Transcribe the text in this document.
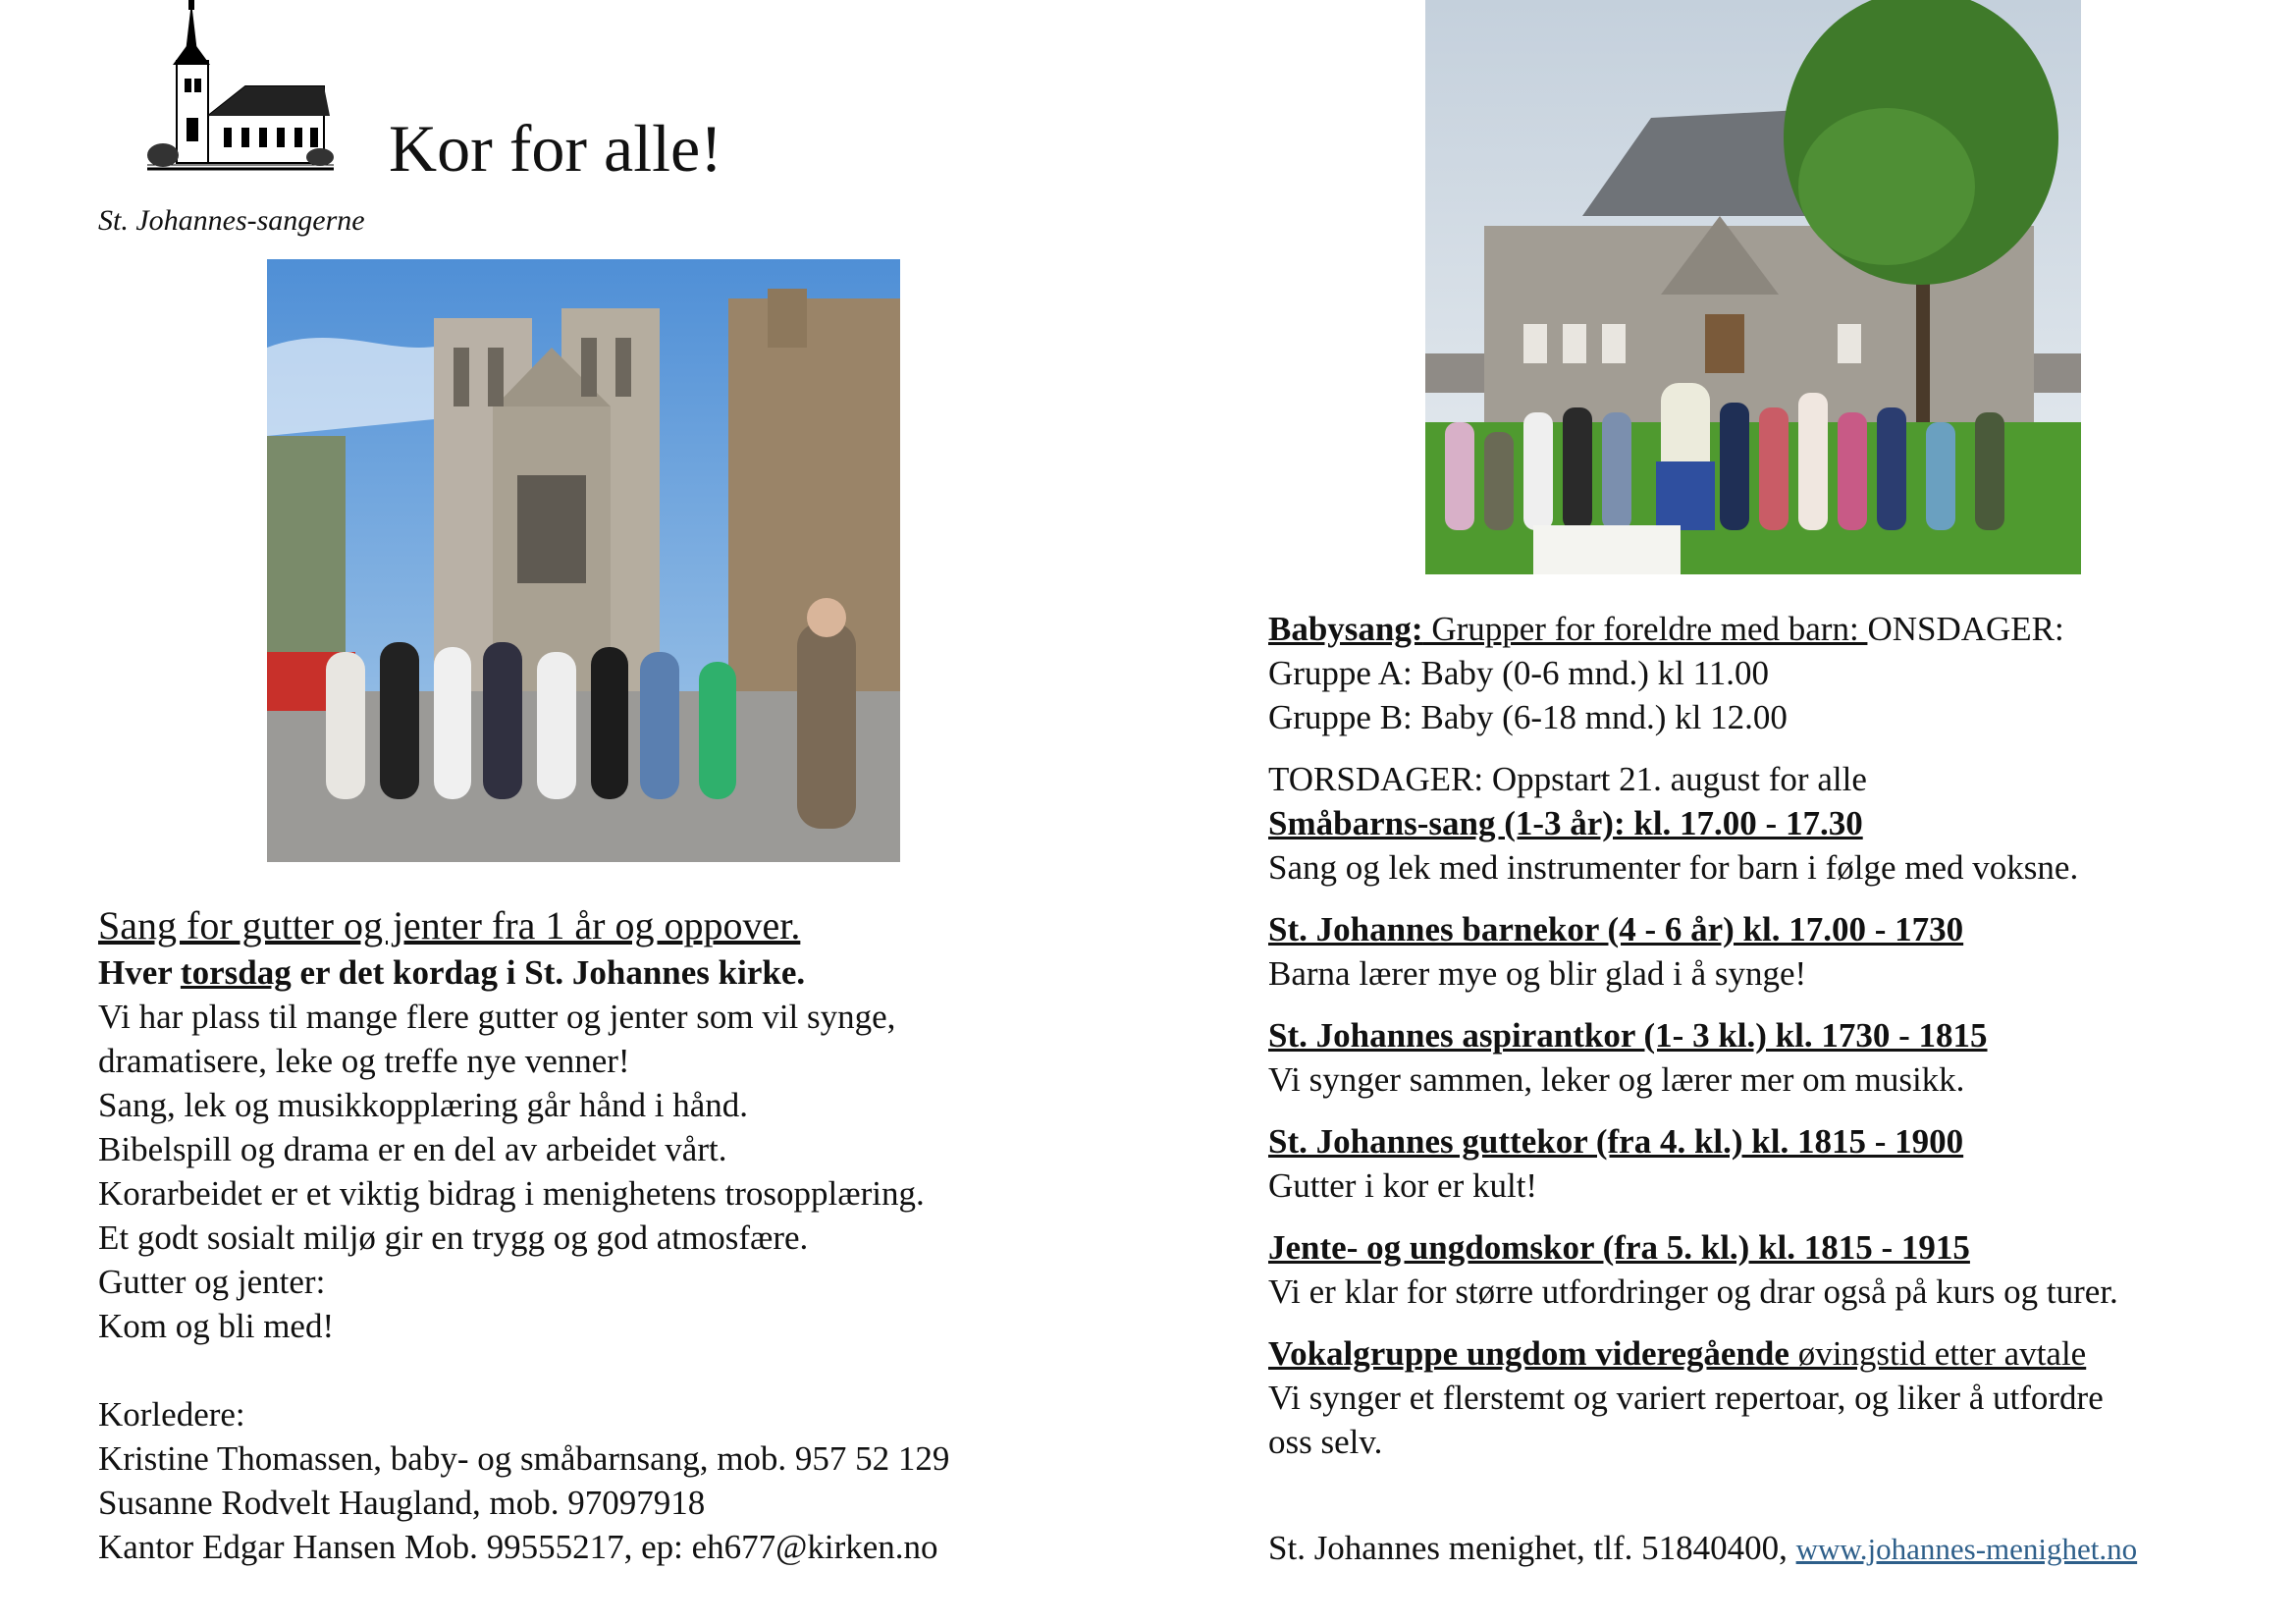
St. Johannes-sangerne
Kor for alle!

Sang for gutter og jenter fra 1 år og oppover.

Hver torsdag er det kordag i St. Johannes kirke.

Vi har plass til mange flere gutter og jenter som vil synge,

dramatisere, leke og treffe nye venner!

Sang, lek og musikkopplæring går hånd i hånd.

Bibelspill og drama er en del av arbeidet vårt.

Korarbeidet er et viktig bidrag i menighetens trosopplæring.

Et godt sosialt miljø gir en trygg og god atmosfære.

Gutter og jenter:

Kom og bli med!

Korledere:

Kristine Thomassen, baby- og småbarnsang, mob. 957 52 129

Susanne Rodvelt Haugland, mob. 97097918

Kantor Edgar Hansen Mob. 99555217, ep: eh677@kirken.no

Babysang: Grupper for foreldre med barn: ONSDAGER:

Gruppe A: Baby (0-6 mnd.) kl 11.00

Gruppe B: Baby (6-18 mnd.) kl 12.00

TORSDAGER: Oppstart 21. august for alle

Småbarns-sang (1-3 år): kl. 17.00 - 17.30

Sang og lek med instrumenter for barn i følge med voksne.

St. Johannes barnekor (4 - 6 år) kl. 17.00 - 1730

Barna lærer mye og blir glad i å synge!

St. Johannes aspirantkor (1- 3 kl.) kl. 1730 - 1815

Vi synger sammen, leker og lærer mer om musikk.

St. Johannes guttekor (fra 4. kl.) kl. 1815 - 1900

Gutter i kor er kult!

Jente- og ungdomskor (fra 5. kl.) kl. 1815 - 1915

Vi er klar for større utfordringer og drar også på kurs og turer.

Vokalgruppe ungdom videregående øvingstid etter avtale

Vi synger et flerstemt og variert repertoar, og liker å utfordre

oss selv.

St. Johannes menighet, tlf. 51840400, www.johannes-menighet.no
